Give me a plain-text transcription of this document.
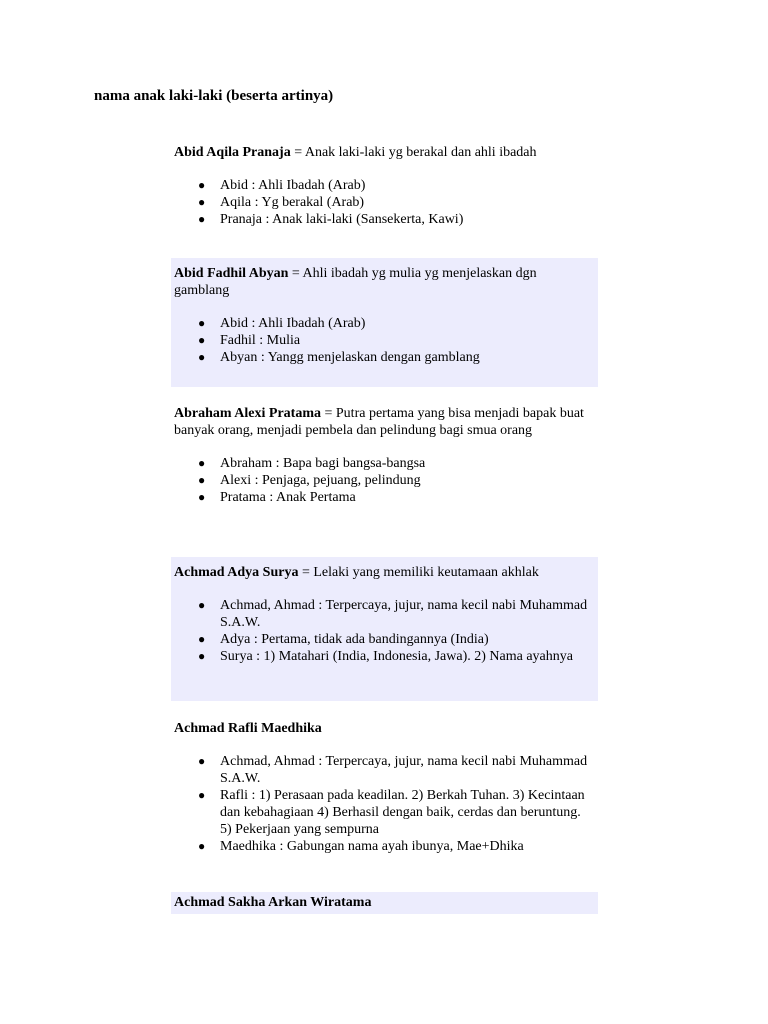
nama anak laki-laki (beserta artinya)

Abid Aqila Pranaja = Anak laki-laki yg berakal dan ahli ibadah

● Abid : Ahli Ibadah (Arab)
● Aqila : Yg berakal (Arab)
● Pranaja : Anak laki-laki (Sansekerta, Kawi)

Abid Fadhil Abyan = Ahli ibadah yg mulia yg menjelaskan dgn gamblang

● Abid : Ahli Ibadah (Arab)
● Fadhil : Mulia
● Abyan : Yangg menjelaskan dengan gamblang

Abraham Alexi Pratama = Putra pertama yang bisa menjadi bapak buat banyak orang, menjadi pembela dan pelindung bagi smua orang

● Abraham : Bapa bagi bangsa-bangsa
● Alexi : Penjaga, pejuang, pelindung
● Pratama : Anak Pertama

Achmad Adya Surya = Lelaki yang memiliki keutamaan akhlak

● Achmad, Ahmad : Terpercaya, jujur, nama kecil nabi Muhammad S.A.W.
● Adya : Pertama, tidak ada bandingannya (India)
● Surya : 1) Matahari (India, Indonesia, Jawa). 2) Nama ayahnya

Achmad Rafli Maedhika

● Achmad, Ahmad : Terpercaya, jujur, nama kecil nabi Muhammad S.A.W.
● Rafli : 1) Perasaan pada keadilan. 2) Berkah Tuhan. 3) Kecintaan dan kebahagiaan 4) Berhasil dengan baik, cerdas dan beruntung. 5) Pekerjaan yang sempurna
● Maedhika : Gabungan nama ayah ibunya, Mae+Dhika

Achmad Sakha Arkan Wiratama
